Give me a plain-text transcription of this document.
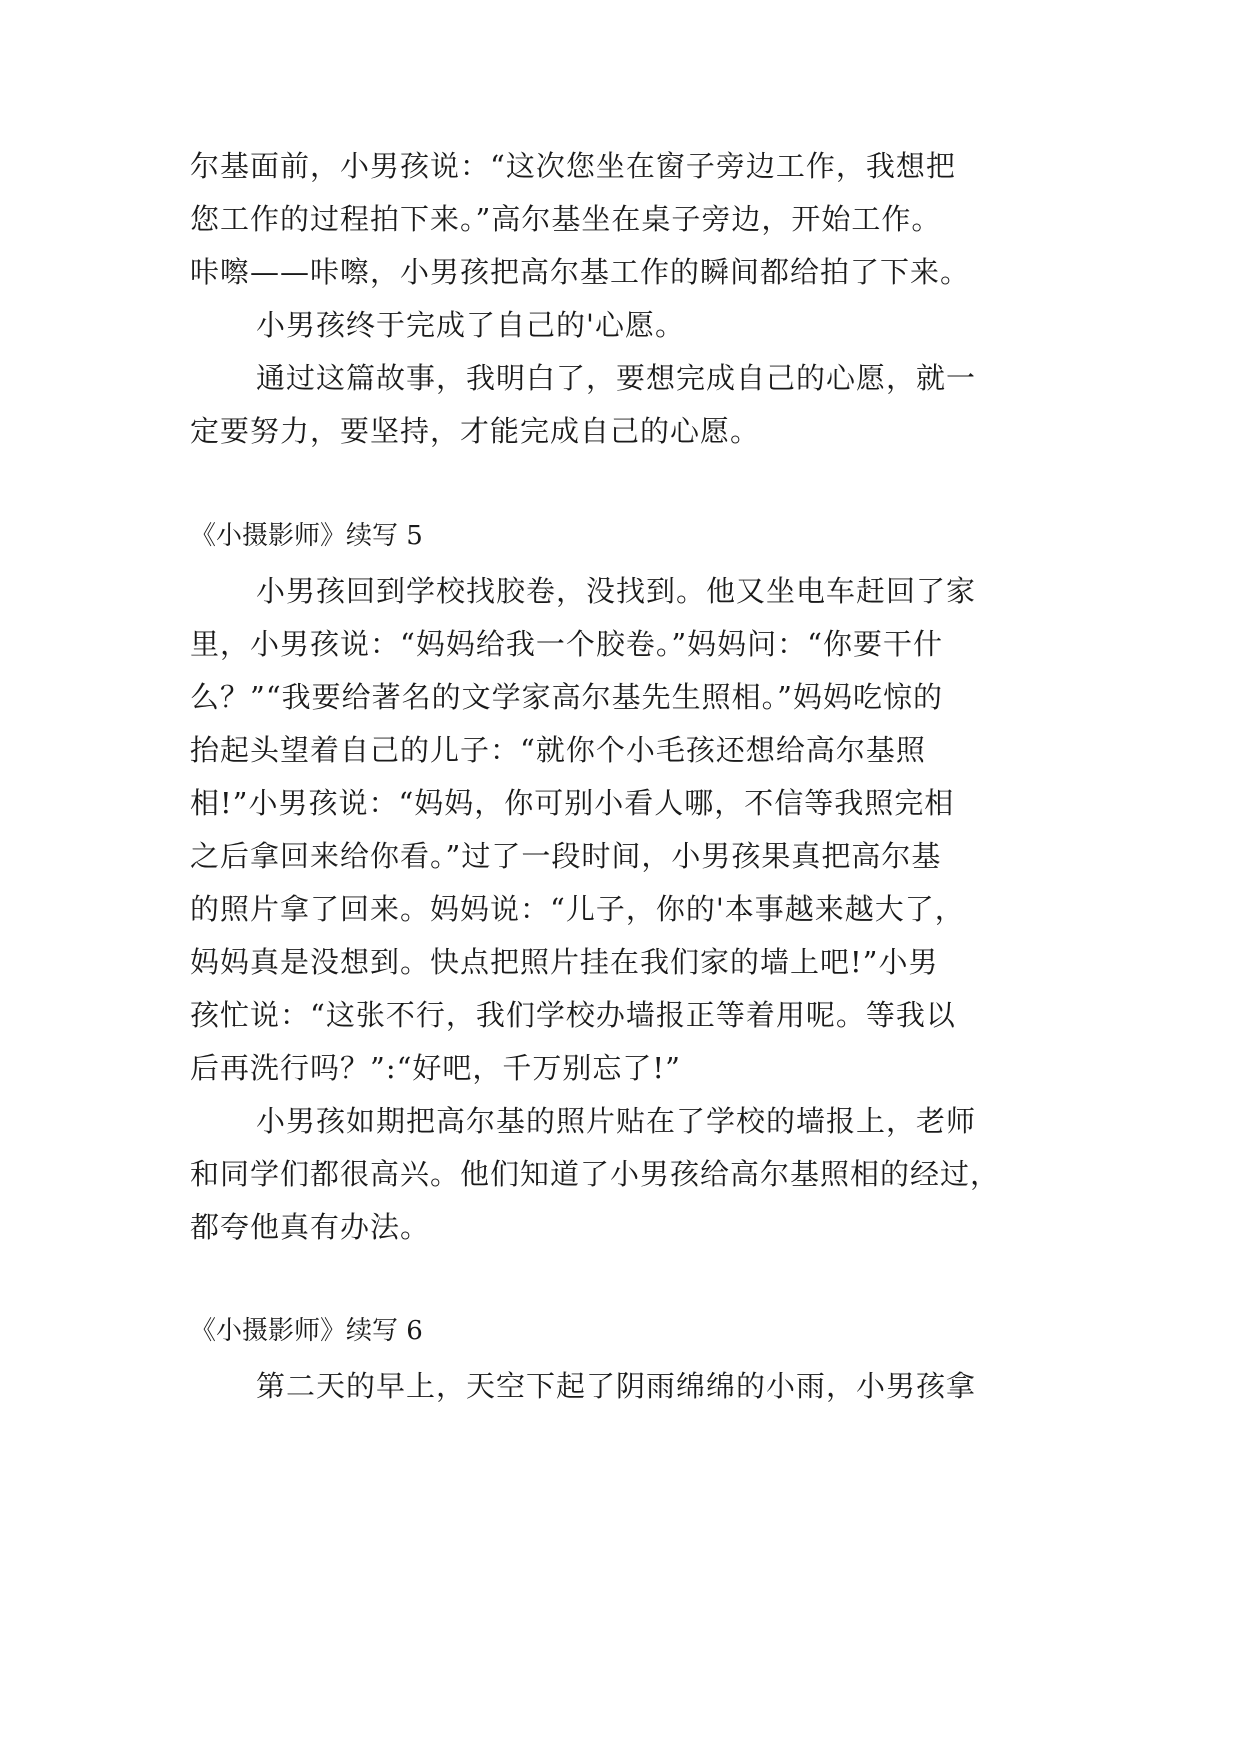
尔基面前，小男孩说：“这次您坐在窗子旁边工作，我想把
您工作的过程拍下来。”高尔基坐在桌子旁边，开始工作。
咔嚓——咔嚓，小男孩把高尔基工作的瞬间都给拍了下来。
小男孩终于完成了自己的'心愿。
通过这篇故事，我明白了，要想完成自己的心愿，就一
定要努力，要坚持，才能完成自己的心愿。
《小摄影师》续写 5
小男孩回到学校找胶卷，没找到。他又坐电车赶回了家
里，小男孩说：“妈妈给我一个胶卷。”妈妈问：“你要干什
么？”“我要给著名的文学家高尔基先生照相。”妈妈吃惊的
抬起头望着自己的儿子：“就你个小毛孩还想给高尔基照
相!”小男孩说：“妈妈，你可别小看人哪，不信等我照完相
之后拿回来给你看。”过了一段时间，小男孩果真把高尔基
的照片拿了回来。妈妈说：“儿子，你的'本事越来越大了，
妈妈真是没想到。快点把照片挂在我们家的墙上吧!”小男
孩忙说：“这张不行，我们学校办墙报正等着用呢。等我以
后再洗行吗？”:“好吧，千万别忘了!”
小男孩如期把高尔基的照片贴在了学校的墙报上，老师
和同学们都很高兴。他们知道了小男孩给高尔基照相的经过，
都夸他真有办法。
《小摄影师》续写 6
第二天的早上，天空下起了阴雨绵绵的小雨，小男孩拿
